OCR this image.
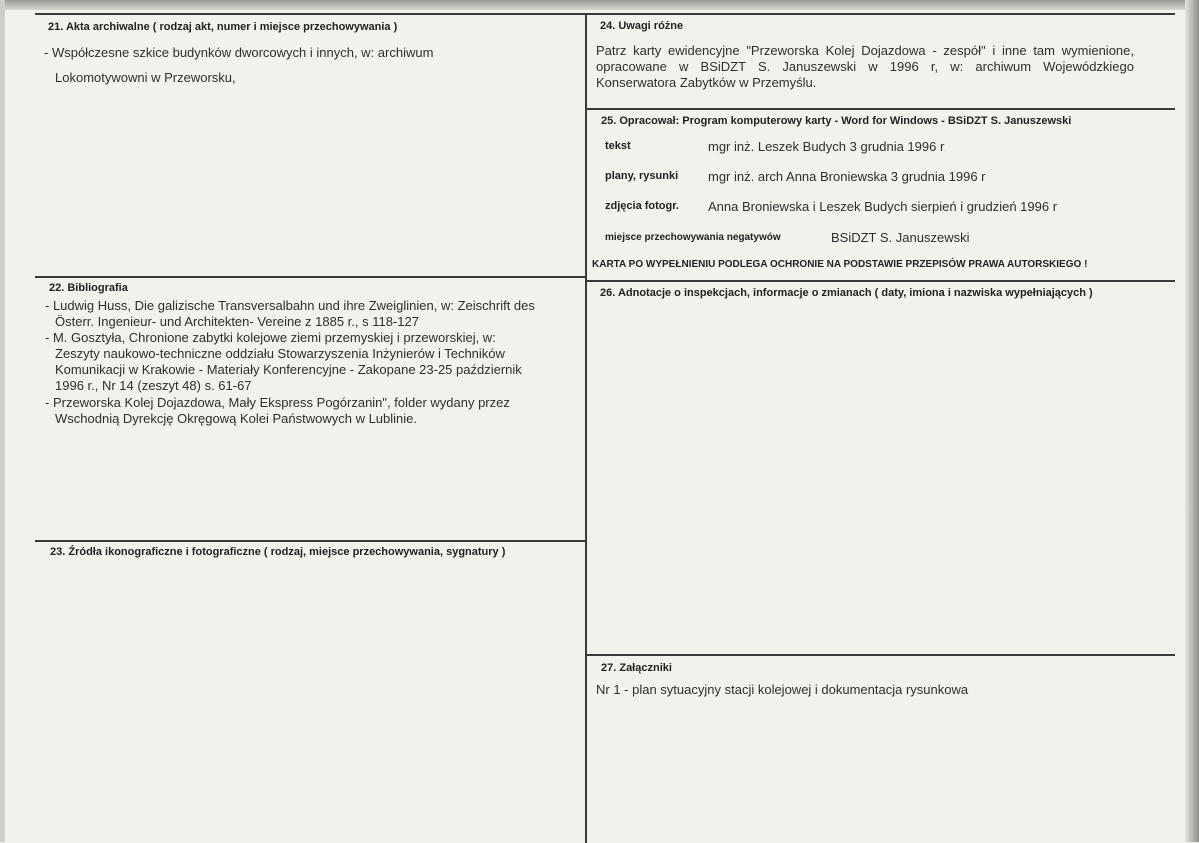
21. Akta archiwalne ( rodzaj akt, numer i miejsce przechowywania )
- Współczesne szkice budynków dworcowych i innych, w: archiwum
Lokomotywowni w Przeworsku,
22. Bibliografia
- Ludwig Huss, Die galizische Transversalbahn und ihre Zweiglinien, w: Zeischrift des
Österr. Ingenieur- und Architekten- Vereine z 1885 r., s 118-127
- M. Gosztyła, Chronione zabytki kolejowe ziemi przemyskiej i przeworskiej, w:
Zeszyty naukowo-techniczne oddziału Stowarzyszenia Inżynierów i Techników
Komunikacji w Krakowie - Materiały Konferencyjne - Zakopane 23-25 październik
1996 r., Nr 14 (zeszyt 48) s. 61-67
- Przeworska Kolej Dojazdowa, Mały Ekspress Pogórzanin", folder wydany przez
Wschodnią Dyrekcję Okręgową Kolei Państwowych w Lublinie.
23. Źródła ikonograficzne i fotograficzne ( rodzaj, miejsce przechowywania, sygnatury )
24. Uwagi różne
Patrz karty ewidencyjne "Przeworska Kolej Dojazdowa - zespół" i inne tam wymienione,
opracowane w BSiDZT S. Januszewski w 1996 r, w: archiwum Wojewódzkiego
Konserwatora Zabytków w Przemyślu.
25. Opracował: Program komputerowy karty - Word for Windows - BSiDZT S. Januszewski
tekst	mgr inż. Leszek Budych 3 grudnia 1996 r
plany, rysunki mgr inż. arch Anna Broniewska 3 grudnia 1996 r
zdjęcia fotogr. Anna Broniewska i Leszek Budych sierpień i grudzień 1996 r
miejsce przechowywania negatywów	BSiDZT S. Januszewski
KARTA PO WYPEŁNIENIU PODLEGA OCHRONIE NA PODSTAWIE PRZEPISÓW PRAWA AUTORSKIEGO !
26. Adnotacje o inspekcjach, informacje o zmianach ( daty, imiona i nazwiska wypełniających )
27. Załączniki
Nr 1 - plan sytuacyjny stacji kolejowej i dokumentacja rysunkowa
